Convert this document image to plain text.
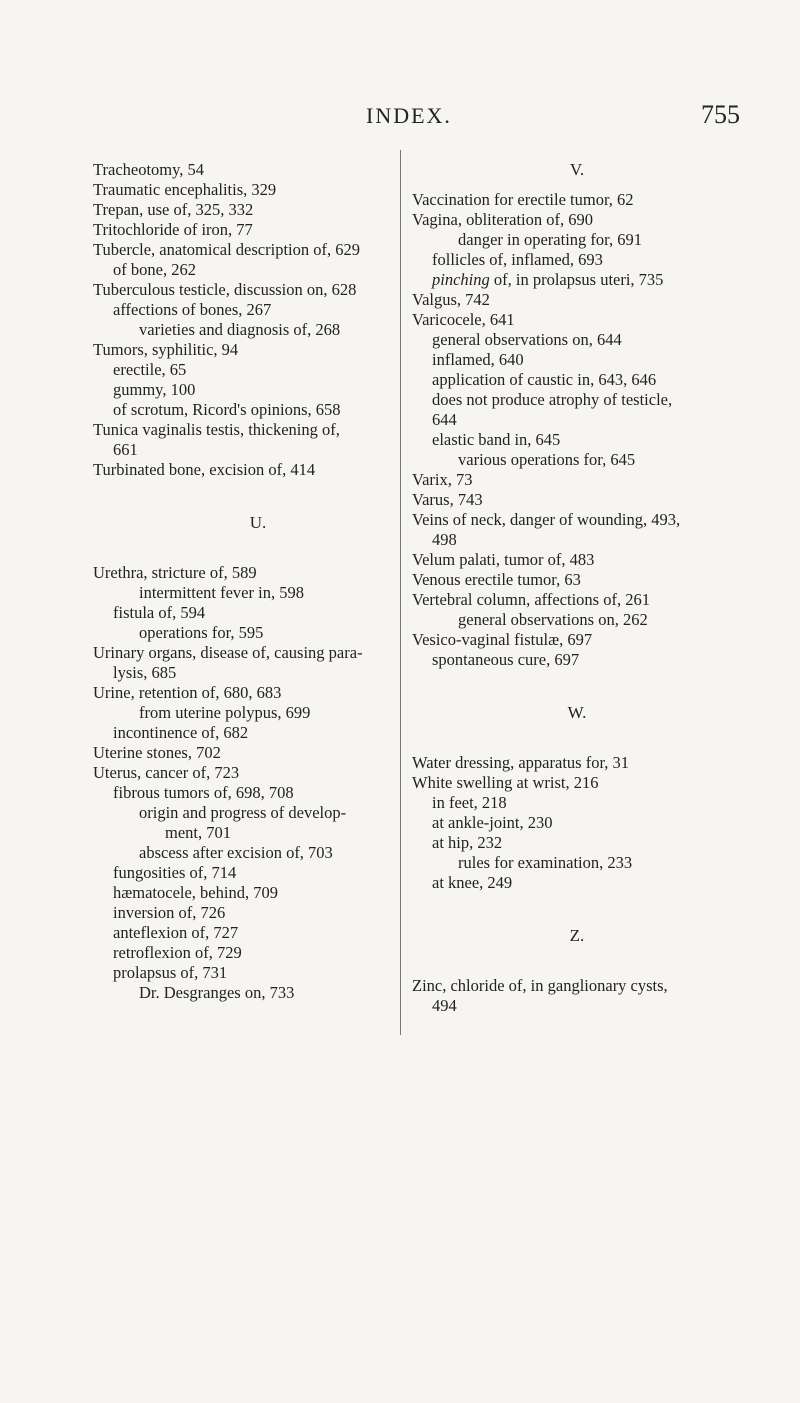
INDEX.	755
Tracheotomy, 54
Traumatic encephalitis, 329
Trepan, use of, 325, 332
Tritochloride of iron, 77
Tubercle, anatomical description of, 629
of bone, 262
Tuberculous testicle, discussion on, 628
affections of bones, 267
varieties and diagnosis of, 268
Tumors, syphilitic, 94
erectile, 65
gummy, 100
of scrotum, Ricord's opinions, 658
Tunica vaginalis testis, thickening of,
661
Turbinated bone, excision of, 414
U.
Urethra, stricture of, 589
intermittent fever in, 598
fistula of, 594
operations for, 595
Urinary organs, disease of, causing para-
lysis, 685
Urine, retention of, 680, 683
from uterine polypus, 699
incontinence of, 682
Uterine stones, 702
Uterus, cancer of, 723
fibrous tumors of, 698, 708
origin and progress of develop-
ment, 701
abscess after excision of, 703
fungosities of, 714
hæmatocele, behind, 709
inversion of, 726
anteflexion of, 727
retroflexion of, 729
prolapsus of, 731
Dr. Desgranges on, 733
V.
Vaccination for erectile tumor, 62
Vagina, obliteration of, 690
danger in operating for, 691
follicles of, inflamed, 693
pinching of, in prolapsus uteri, 735
Valgus, 742
Varicocele, 641
general observations on, 644
inflamed, 640
application of caustic in, 643, 646
does not produce atrophy of testicle,
644
elastic band in, 645
various operations for, 645
Varix, 73
Varus, 743
Veins of neck, danger of wounding, 493,
498
Velum palati, tumor of, 483
Venous erectile tumor, 63
Vertebral column, affections of, 261
general observations on, 262
Vesico-vaginal fistulæ, 697
spontaneous cure, 697
W.
Water dressing, apparatus for, 31
White swelling at wrist, 216
in feet, 218
at ankle-joint, 230
at hip, 232
rules for examination, 233
at knee, 249
Z.
Zinc, chloride of, in ganglionary cysts,
494
